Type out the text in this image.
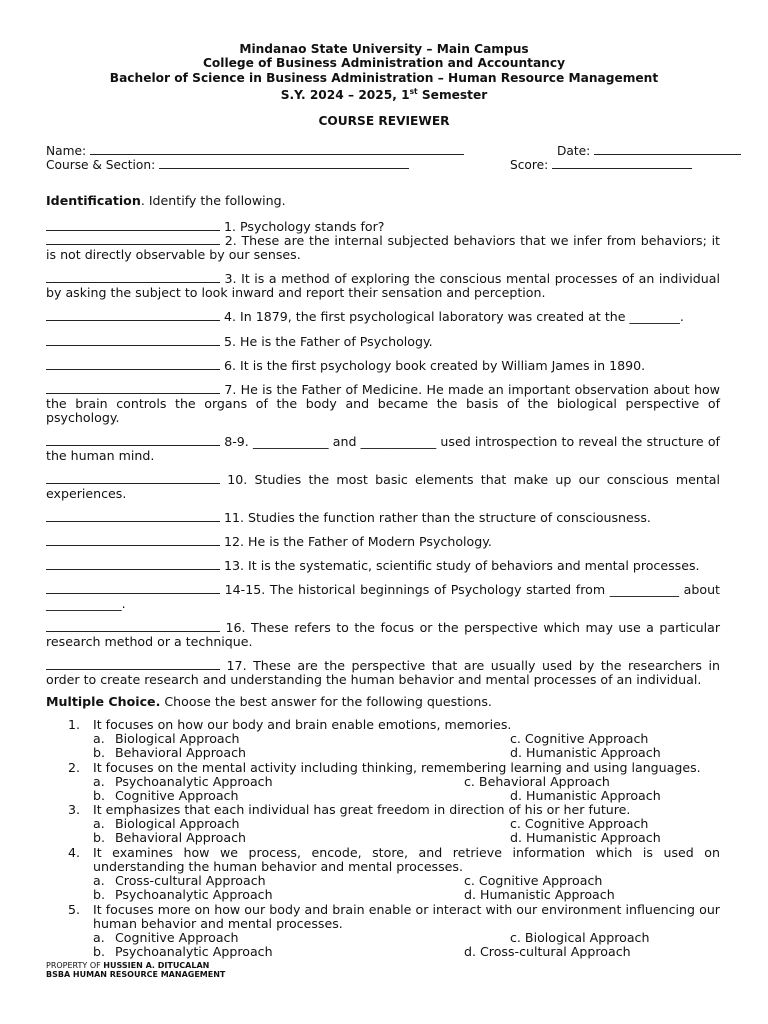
Mindanao State University – Main Campus
College of Business Administration and Accountancy
Bachelor of Science in Business Administration – Human Resource Management
S.Y. 2024 – 2025, 1st Semester
COURSE REVIEWER
Name:	Date:
Course & Section:	Score:
Identification. Identify the following.
1. Psychology stands for?
2. These are the internal subjected behaviors that we infer from behaviors; it is not directly observable by our senses.
3. It is a method of exploring the conscious mental processes of an individual by asking the subject to look inward and report their sensation and perception.
4. In 1879, the first psychological laboratory was created at the ________.
5. He is the Father of Psychology.
6. It is the first psychology book created by William James in 1890.
7. He is the Father of Medicine. He made an important observation about how the brain controls the organs of the body and became the basis of the biological perspective of psychology.
8-9. ____________ and ____________ used introspection to reveal the structure of the human mind.
10. Studies the most basic elements that make up our conscious mental experiences.
11. Studies the function rather than the structure of consciousness.
12. He is the Father of Modern Psychology.
13. It is the systematic, scientific study of behaviors and mental processes.
14-15. The historical beginnings of Psychology started from ___________ about ____________.
16. These refers to the focus or the perspective which may use a particular research method or a technique.
17. These are the perspective that are usually used by the researchers in order to create research and understanding the human behavior and mental processes of an individual.
Multiple Choice. Choose the best answer for the following questions.
1. It focuses on how our body and brain enable emotions, memories.
a. Biological Approach	c. Cognitive Approach
b. Behavioral Approach	d. Humanistic Approach
2. It focuses on the mental activity including thinking, remembering learning and using languages.
a. Psychoanalytic Approach	c. Behavioral Approach
b. Cognitive Approach	d. Humanistic Approach
3. It emphasizes that each individual has great freedom in direction of his or her future.
a. Biological Approach	c. Cognitive Approach
b. Behavioral Approach	d. Humanistic Approach
4. It examines how we process, encode, store, and retrieve information which is used on understanding the human behavior and mental processes.
a. Cross-cultural Approach	c. Cognitive Approach
b. Psychoanalytic Approach	d. Humanistic Approach
5. It focuses more on how our body and brain enable or interact with our environment influencing our human behavior and mental processes.
a. Cognitive Approach	c. Biological Approach
b. Psychoanalytic Approach	d. Cross-cultural Approach
PROPERTY OF HUSSIEN A. DITUCALAN
BSBA HUMAN RESOURCE MANAGEMENT
